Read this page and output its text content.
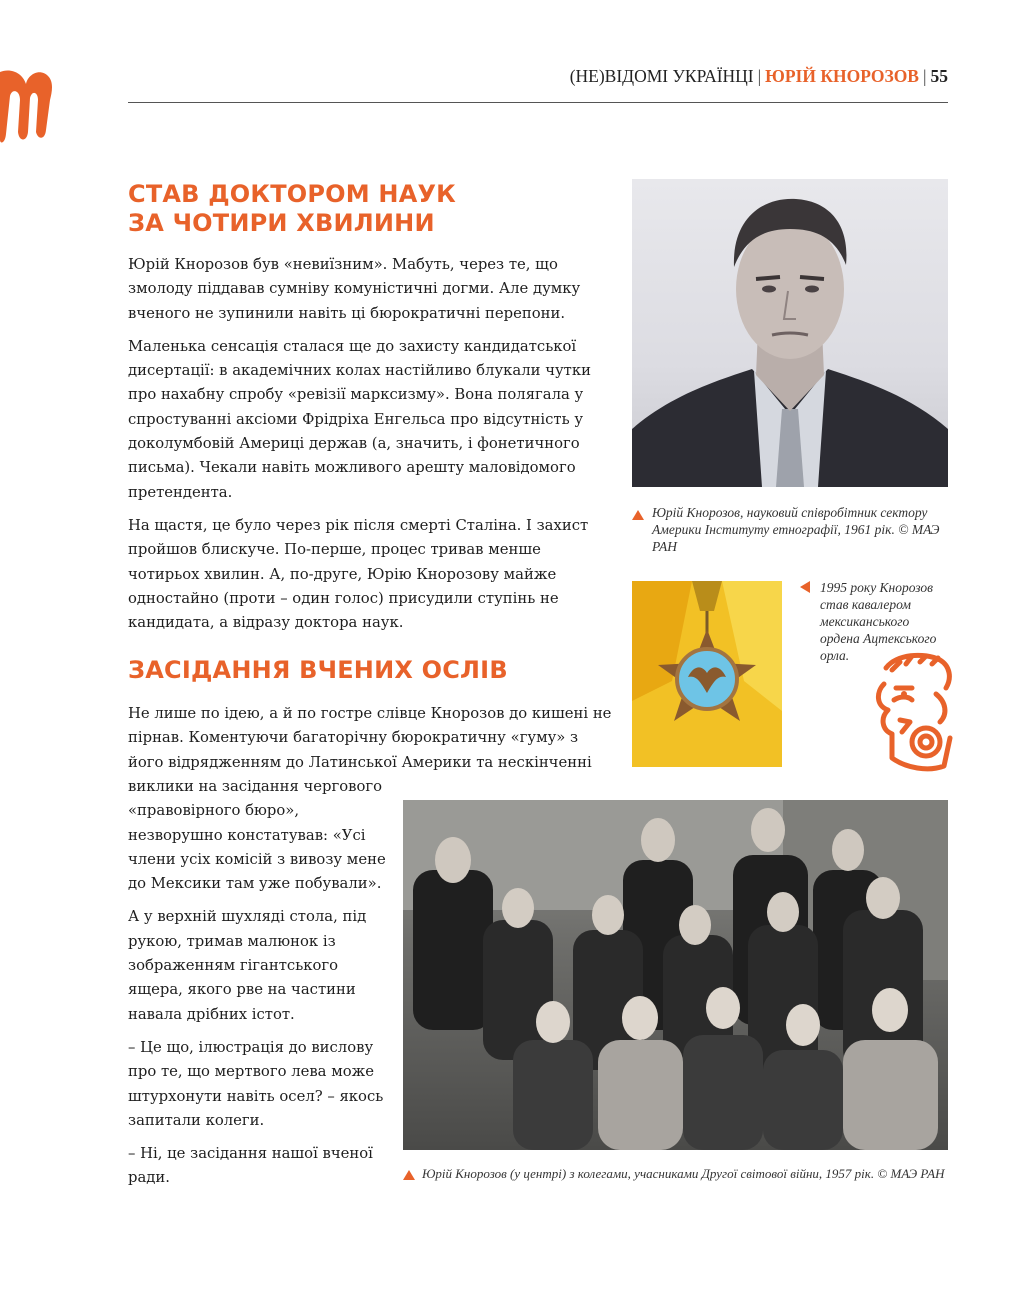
(НЕ)ВІДОМІ УКРАЇНЦІ | ЮРІЙ КНОРОЗОВ | 55
СТАВ ДОКТОРОМ НАУК
ЗА ЧОТИРИ ХВИЛИНИ

Юрій Кнорозов був «невиїзним». Мабуть, через те, що змолоду піддавав сумніву комуністичні догми. Але думку вченого не зупинили навіть ці бюрократичні перепони.

Маленька сенсація сталася ще до захисту кандидатської дисертації: в академічних колах настійливо блукали чутки про нахабну спробу «ревізії марксизму». Вона полягала у спростуванні аксіоми Фрідріха Енгельса про відсутність у доколумбовій Америці держав (а, значить, і фонетичного письма). Чекали навіть можливого арешту маловідомого претендента.

На щастя, це було через рік після смерті Сталіна. І захист пройшов блискуче. По-перше, процес тривав менше чотирьох хвилин. А, по-друге, Юрію Кнорозову майже одностайно (проти – один голос) присудили ступінь не кандидата, а відразу доктора наук.

Юрій Кнорозов, науковий співробітник сектору Америки Інституту етнографії, 1961 рік. © МАЭ РАН
1995 року Кнорозов став кавалером мексиканського ордена Ацтекського орла.
ЗАСІДАННЯ ВЧЕНИХ ОСЛІВ
Не лише по ідею, а й по гостре слівце Кнорозов до кишені не пірнав. Коментуючи багаторічну бюрократичну «гуму» з його відрядженням до Латинської Америки та нескінченні

виклики на засідання чергового «правовірного бюро», незворушно констатував: «Усі члени усіх комісій з вивозу мене до Мексики там уже побували».

А у верхній шухляді стола, під рукою, тримав малюнок із зображенням гігантського ящера, якого рве на частини навала дрібних істот.

– Це що, ілюстрація до вислову про те, що мертвого лева може штурхонути навіть осел? – якось запитали колеги.

– Ні, це засідання нашої вченої ради.	Юрій Кнорозов (у центрі) з колегами, учасниками Другої світової війни, 1957 рік. © МАЭ РАН
